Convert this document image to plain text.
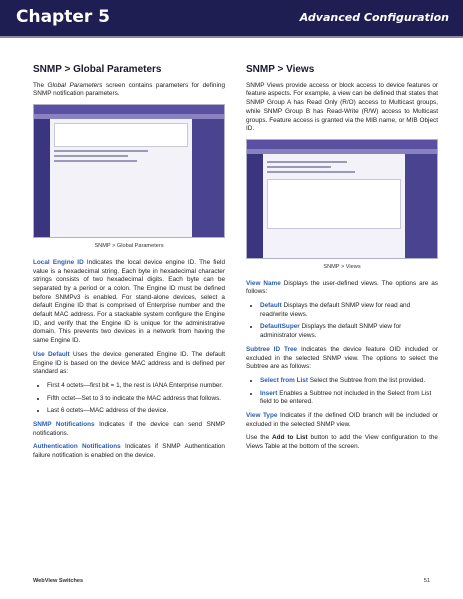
Chapter 5	Advanced Configuration
SNMP > Global Parameters

The Global Parameters screen contains parameters for defining SNMP notification parameters.

SNMP > Global Parameters

Local Engine ID Indicates the local device engine ID. The field value is a hexadecimal string. Each byte in hexadecimal character strings consists of two hexadecimal digits. Each byte can be separated by a period or a colon. The Engine ID must be defined before SNMPv3 is enabled. For stand-alone devices, select a default Engine ID that is comprised of Enterprise number and the default MAC address. For a stackable system configure the Engine ID, and verify that the Engine ID is unique for the administrative domain. This prevents two devices in a network from having the same Engine ID.

Use Default Uses the device generated Engine ID. The default Engine ID is based on the device MAC address and is defined per standard as:

• First 4 octets—first bit = 1, the rest is IANA Enterprise number.
• Fifth octet—Set to 3 to indicate the MAC address that follows.
• Last 6 octets—MAC address of the device.

SNMP Notifications Indicates if the device can send SNMP notifications.

Authentication Notifications Indicates if SNMP Authentication failure notification is enabled on the device.

SNMP > Views

SNMP Views provide access or block access to device features or feature aspects. For example, a view can be defined that states that SNMP Group A has Read Only (R/O) access to Multicast groups, while SNMP Group B has Read-Write (R/W) access to Multicast groups. Feature access is granted via the MIB name, or MIB Object ID.

SNMP > Views

View Name Displays the user-defined views. The options are as follows:

• Default Displays the default SNMP view for read and read/write views.
• DefaultSuper Displays the default SNMP view for administrator views.

Subtree ID Tree Indicates the device feature OID included or excluded in the selected SNMP view. The options to select the Subtree are as follows:

• Select from List Select the Subtree from the list provided.
• Insert Enables a Subtree not included in the Select from List field to be entered.

View Type Indicates if the defined OID branch will be included or excluded in the selected SNMP view.

Use the Add to List button to add the View configuration to the Views Table at the bottom of the screen.

WebView Switches	51
